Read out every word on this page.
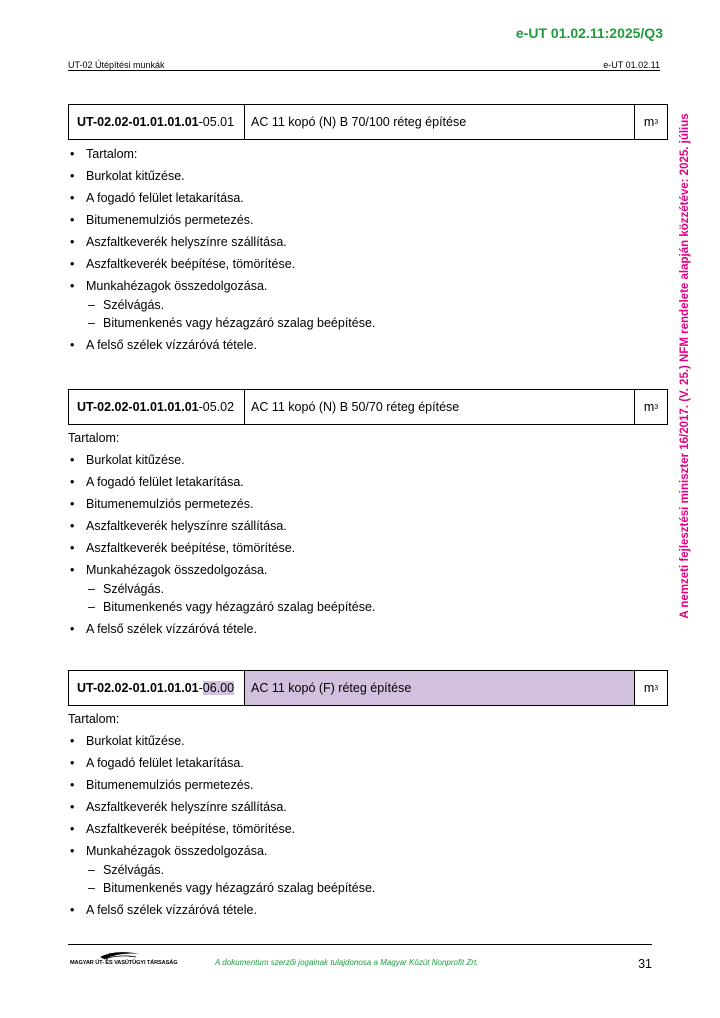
e-UT 01.02.11:2025/Q3
UT-02 Útépítési munkák	e-UT 01.02.11
A nemzeti fejlesztési miniszter 16/2017. (V. 25.) NFM rendelete alapján közzétéve: 2025. július
UT-02.02-01.01.01.01 -05.01	AC 11 kopó (N) B 70/100 réteg építése	m 3
• Tartalom:
• Burkolat kitűzése.
• A fogadó felület letakarítása.
• Bitumenemulziós permetezés.
• Aszfaltkeverék helyszínre szállítása.
• Aszfaltkeverék beépítése, tömörítése.
• Munkahézagok összedolgozása.
– Szélvágás.
– Bitumenkenés vagy hézagzáró szalag beépítése.
• A felső szélek vízzáróvá tétele.
UT-02.02-01.01.01.01 -05.02	AC 11 kopó (N) B 50/70 réteg építése	m 3
Tartalom:
• Burkolat kitűzése.
• A fogadó felület letakarítása.
• Bitumenemulziós permetezés.
• Aszfaltkeverék helyszínre szállítása.
• Aszfaltkeverék beépítése, tömörítése.
• Munkahézagok összedolgozása.
– Szélvágás.
– Bitumenkenés vagy hézagzáró szalag beépítése.
• A felső szélek vízzáróvá tétele.
UT-02.02-01.01.01.01 - 06.00	AC 11 kopó (F) réteg építése	m 3
Tartalom:
• Burkolat kitűzése.
• A fogadó felület letakarítása.
• Bitumenemulziós permetezés.
• Aszfaltkeverék helyszínre szállítása.
• Aszfaltkeverék beépítése, tömörítése.
• Munkahézagok összedolgozása.
– Szélvágás.
– Bitumenkenés vagy hézagzáró szalag beépítése.
• A felső szélek vízzáróvá tétele.
MAGYAR ÚT- ÉS VASÚTÜGYI TÁRSASÁG	A dokumentum szerzői jogainak tulajdonosa a Magyar Közút Nonprofit Zrt.	31
